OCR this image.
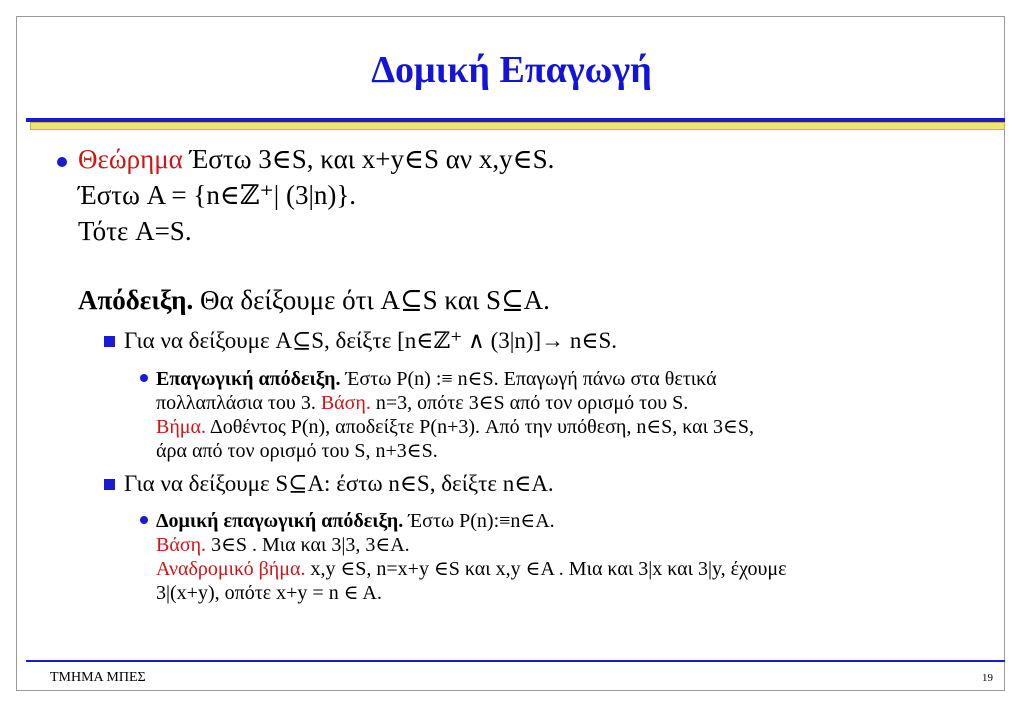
Δομική Επαγωγή
Θεώρημα Έστω 3∈S, και x+y∈S αν x,y∈S.
Έστω A = {n∈ℤ⁺| (3|n)}.
Τότε A=S.
Απόδειξη. Θα δείξουμε ότι A⊆S και S⊆A.
Για να δείξουμε A⊆S, δείξτε [n∈ℤ⁺ ∧ (3|n)]→ n∈S.
Επαγωγική απόδειξη. Έστω P(n) :≡ n∈S. Επαγωγή πάνω στα θετικά
πολλαπλάσια του 3. Βάση. n=3, οπότε 3∈S από τον ορισμό του S.
Βήμα. Δοθέντος P(n), αποδείξτε P(n+3). Από την υπόθεση, n∈S, και 3∈S,
άρα από τον ορισμό του S, n+3∈S.
Για να δείξουμε S⊆A: έστω n∈S, δείξτε n∈A.
Δομική επαγωγική απόδειξη. Έστω P(n):≡n∈A.
Βάση. 3∈S . Μια και 3|3, 3∈A.
Αναδρομικό βήμα. x,y ∈S, n=x+y ∈S και x,y ∈A . Μια και 3|x και 3|y, έχουμε
3|(x+y), οπότε x+y = n ∈ A.
ΤΜΗΜΑ ΜΠΕΣ	19
